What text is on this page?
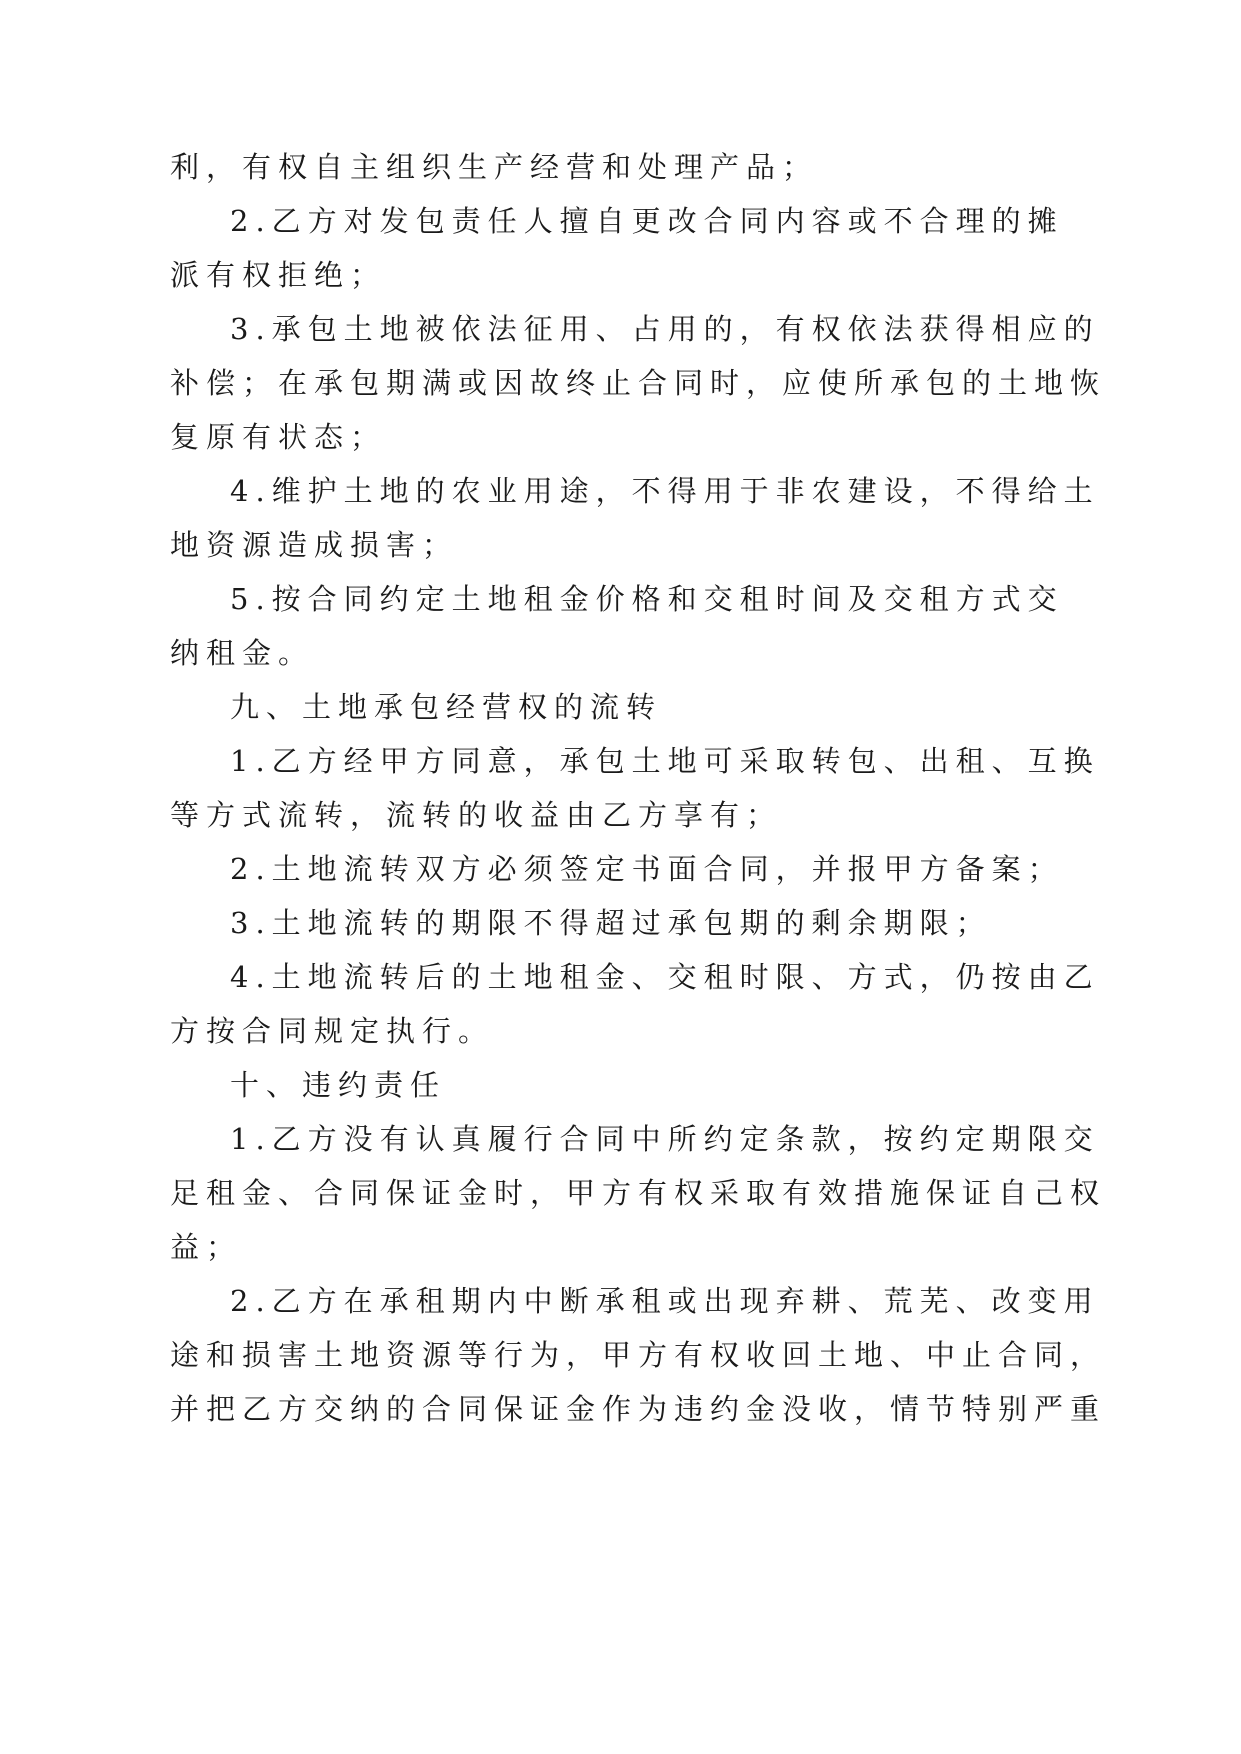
利，有权自主组织生产经营和处理产品；
2.乙方对发包责任人擅自更改合同内容或不合理的摊
派有权拒绝；
3.承包土地被依法征用、占用的，有权依法获得相应的
补偿；在承包期满或因故终止合同时，应使所承包的土地恢
复原有状态；
4.维护土地的农业用途，不得用于非农建设，不得给土
地资源造成损害；
5.按合同约定土地租金价格和交租时间及交租方式交
纳租金。
九、土地承包经营权的流转
1.乙方经甲方同意，承包土地可采取转包、出租、互换
等方式流转，流转的收益由乙方享有；
2.土地流转双方必须签定书面合同，并报甲方备案；
3.土地流转的期限不得超过承包期的剩余期限；
4.土地流转后的土地租金、交租时限、方式，仍按由乙
方按合同规定执行。
十、违约责任
1.乙方没有认真履行合同中所约定条款，按约定期限交
足租金、合同保证金时，甲方有权采取有效措施保证自己权
益；
2.乙方在承租期内中断承租或出现弃耕、荒芜、改变用
途和损害土地资源等行为，甲方有权收回土地、中止合同，
并把乙方交纳的合同保证金作为违约金没收，情节特别严重
